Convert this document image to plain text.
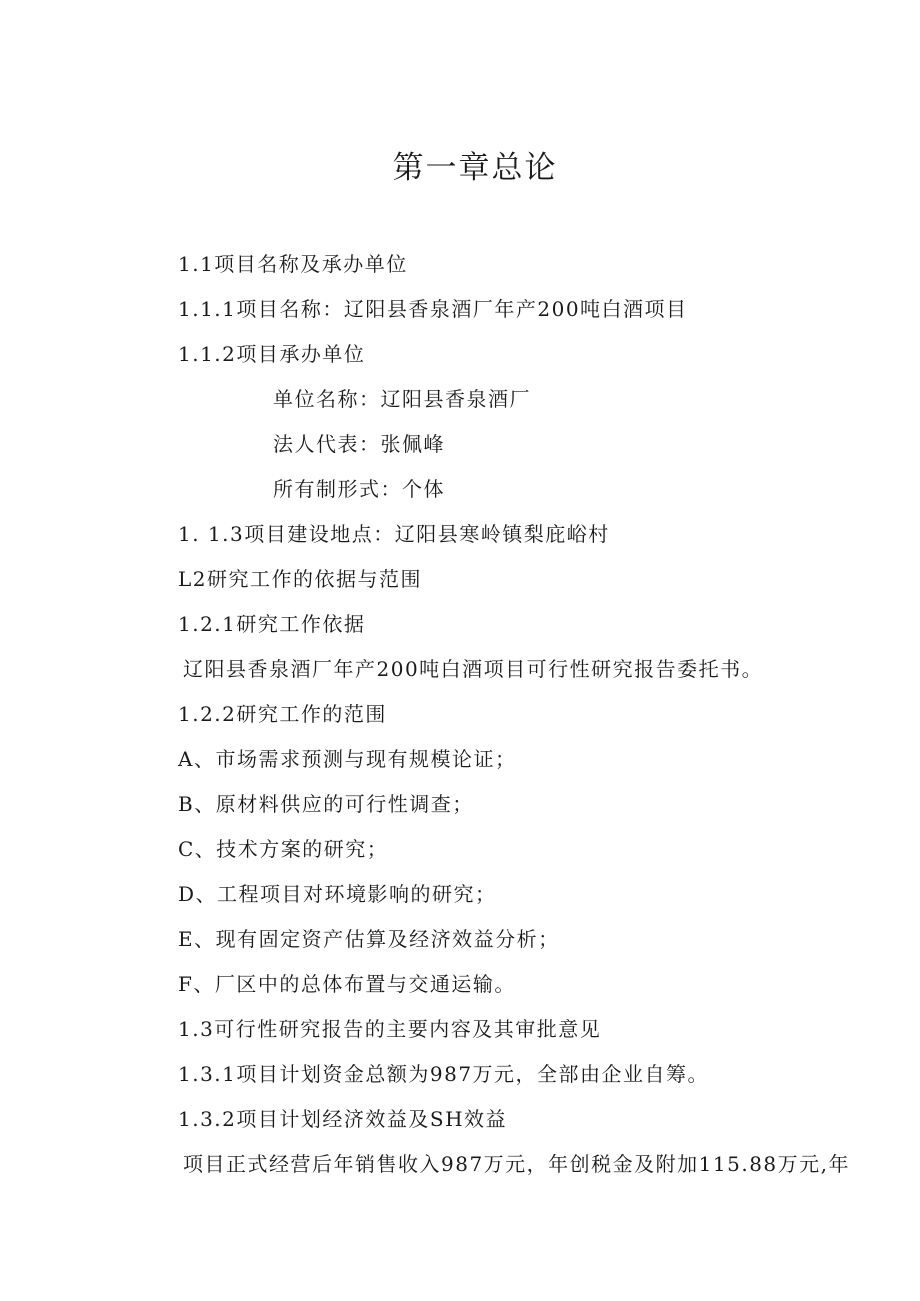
第一章总论

1.1项目名称及承办单位

1.1.1项目名称：辽阳县香泉酒厂年产200吨白酒项目

1.1.2项目承办单位

单位名称：辽阳县香泉酒厂

法人代表：张佩峰

所有制形式：个体

1. 1.3项目建设地点：辽阳县寒岭镇梨庇峪村

L2研究工作的依据与范围

1.2.1研究工作依据

辽阳县香泉酒厂年产200吨白酒项目可行性研究报告委托书。

1.2.2研究工作的范围

A、市场需求预测与现有规模论证；

B、原材料供应的可行性调查；

C、技术方案的研究；

D、工程项目对环境影响的研究；

E、现有固定资产估算及经济效益分析；

F、厂区中的总体布置与交通运输。

1.3可行性研究报告的主要内容及其审批意见

1.3.1项目计划资金总额为987万元，全部由企业自筹。

1.3.2项目计划经济效益及SH效益

项目正式经营后年销售收入987万元，年创税金及附加115.88万元,年
